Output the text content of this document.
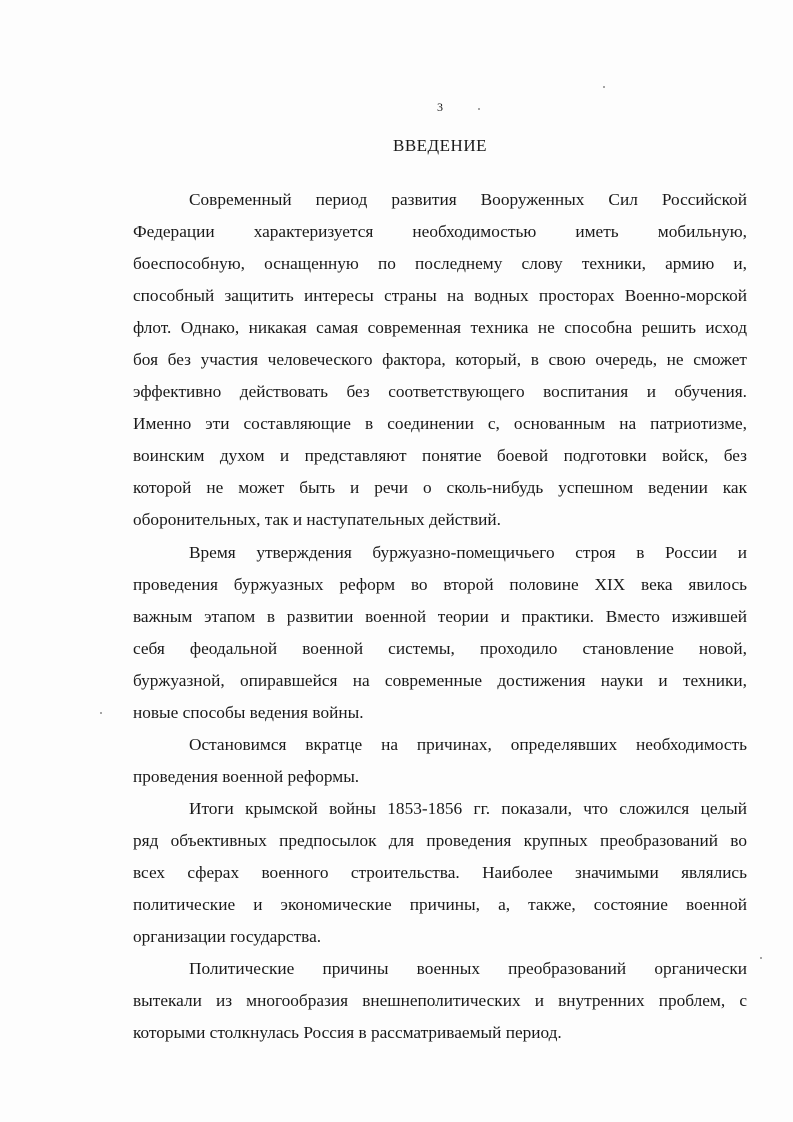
3
ВВЕДЕНИЕ
Современный период развития Вооруженных Сил Российской
Федерации характеризуется необходимостью иметь мобильную,
боеспособную, оснащенную по последнему слову техники, армию и,
способный защитить интересы страны на водных просторах Военно-морской
флот. Однако, никакая самая современная техника не способна решить исход
боя без участия человеческого фактора, который, в свою очередь, не сможет
эффективно действовать без соответствующего воспитания и обучения.
Именно эти составляющие в соединении с, основанным на патриотизме,
воинским духом и представляют понятие боевой подготовки войск, без
которой не может быть и речи о сколь-нибудь успешном ведении как
оборонительных, так и наступательных действий.
Время утверждения буржуазно-помещичьего строя в России и
проведения буржуазных реформ во второй половине XIX века явилось
важным этапом в развитии военной теории и практики. Вместо изжившей
себя феодальной военной системы, проходило становление новой,
буржуазной, опиравшейся на современные достижения науки и техники,
новые способы ведения войны.
Остановимся вкратце на причинах, определявших необходимость
проведения военной реформы.
Итоги крымской войны 1853-1856 гг. показали, что сложился целый
ряд объективных предпосылок для проведения крупных преобразований во
всех сферах военного строительства. Наиболее значимыми являлись
политические и экономические причины, а, также, состояние военной
организации государства.
Политические причины военных преобразований органически
вытекали из многообразия внешнеполитических и внутренних проблем, с
которыми столкнулась Россия в рассматриваемый период.
